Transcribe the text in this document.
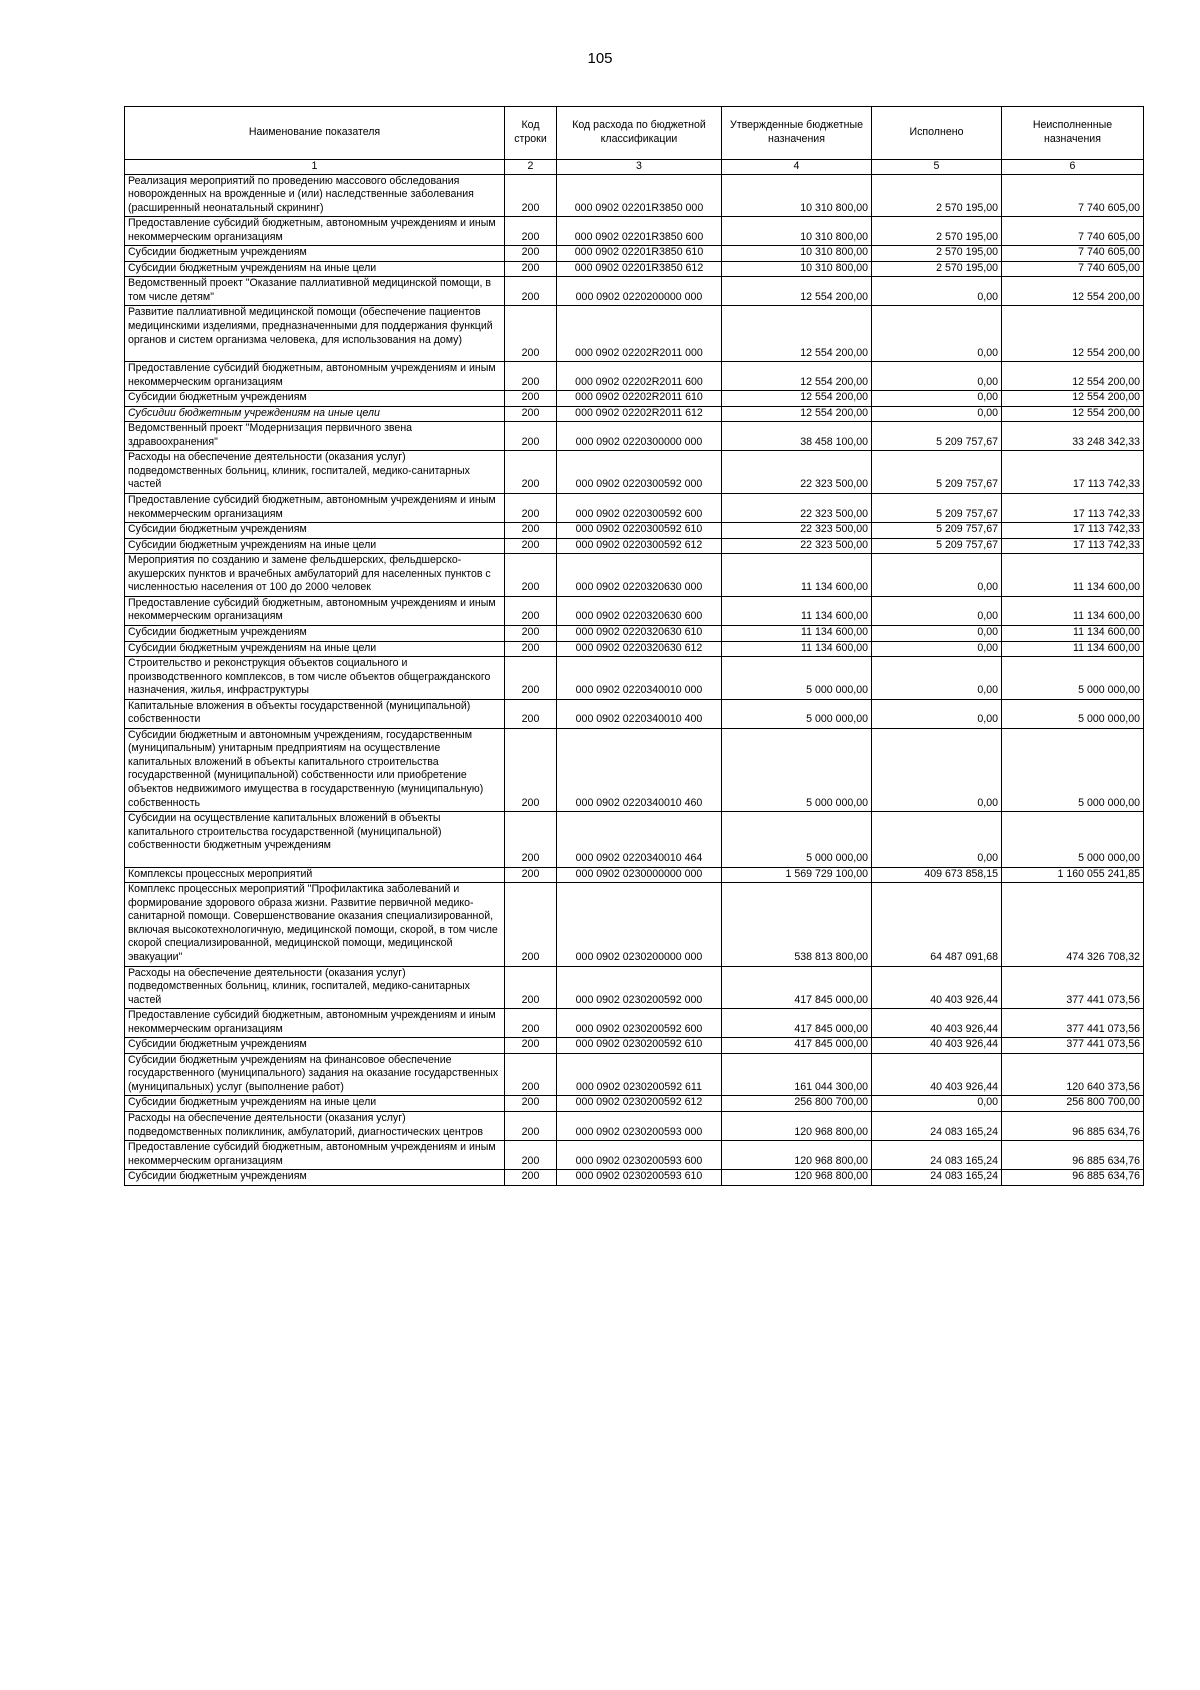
105
Наименование показателя	Код строки	Код расхода по бюджетной классификации	Утвержденные бюджетные назначения	Исполнено	Неисполненные назначения
1	2	3	4	5	6
Реализация мероприятий по проведению массового обследования новорожденных на врожденные и (или) наследственные заболевания (расширенный неонатальный скрининг)	200	000 0902 02201R3850 000	10 310 800,00	2 570 195,00	7 740 605,00
Предоставление субсидий бюджетным, автономным учреждениям и иным некоммерческим организациям	200	000 0902 02201R3850 600	10 310 800,00	2 570 195,00	7 740 605,00
Субсидии бюджетным учреждениям	200	000 0902 02201R3850 610	10 310 800,00	2 570 195,00	7 740 605,00
Субсидии бюджетным учреждениям на иные цели	200	000 0902 02201R3850 612	10 310 800,00	2 570 195,00	7 740 605,00
Ведомственный проект "Оказание паллиативной медицинской помощи, в том числе детям"	200	000 0902 0220200000 000	12 554 200,00	0,00	12 554 200,00
Развитие паллиативной медицинской помощи (обеспечение пациентов медицинскими изделиями, предназначенными для поддержания функций органов и систем организма человека, для использования на дому)	200	000 0902 02202R2011 000	12 554 200,00	0,00	12 554 200,00
Предоставление субсидий бюджетным, автономным учреждениям и иным некоммерческим организациям	200	000 0902 02202R2011 600	12 554 200,00	0,00	12 554 200,00
Субсидии бюджетным учреждениям	200	000 0902 02202R2011 610	12 554 200,00	0,00	12 554 200,00
Субсидии бюджетным учреждениям на иные цели	200	000 0902 02202R2011 612	12 554 200,00	0,00	12 554 200,00
Ведомственный проект "Модернизация первичного звена здравоохранения"	200	000 0902 0220300000 000	38 458 100,00	5 209 757,67	33 248 342,33
Расходы на обеспечение деятельности (оказания услуг) подведомственных больниц, клиник, госпиталей, медико-санитарных частей	200	000 0902 0220300592 000	22 323 500,00	5 209 757,67	17 113 742,33
Предоставление субсидий бюджетным, автономным учреждениям и иным некоммерческим организациям	200	000 0902 0220300592 600	22 323 500,00	5 209 757,67	17 113 742,33
Субсидии бюджетным учреждениям	200	000 0902 0220300592 610	22 323 500,00	5 209 757,67	17 113 742,33
Субсидии бюджетным учреждениям на иные цели	200	000 0902 0220300592 612	22 323 500,00	5 209 757,67	17 113 742,33
Мероприятия по созданию и замене фельдшерских, фельдшерско-акушерских пунктов и врачебных амбулаторий для населенных пунктов с численностью населения от 100 до 2000 человек	200	000 0902 0220320630 000	11 134 600,00	0,00	11 134 600,00
Предоставление субсидий бюджетным, автономным учреждениям и иным некоммерческим организациям	200	000 0902 0220320630 600	11 134 600,00	0,00	11 134 600,00
Субсидии бюджетным учреждениям	200	000 0902 0220320630 610	11 134 600,00	0,00	11 134 600,00
Субсидии бюджетным учреждениям на иные цели	200	000 0902 0220320630 612	11 134 600,00	0,00	11 134 600,00
Строительство и реконструкция объектов социального и производственного комплексов, в том числе объектов общегражданского назначения, жилья, инфраструктуры	200	000 0902 0220340010 000	5 000 000,00	0,00	5 000 000,00
Капитальные вложения в объекты государственной (муниципальной) собственности	200	000 0902 0220340010 400	5 000 000,00	0,00	5 000 000,00
Субсидии бюджетным и автономным учреждениям, государственным (муниципальным) унитарным предприятиям на осуществление капитальных вложений в объекты капитального строительства государственной (муниципальной) собственности или приобретение объектов недвижимого имущества в государственную (муниципальную) собственность	200	000 0902 0220340010 460	5 000 000,00	0,00	5 000 000,00
Субсидии на осуществление капитальных вложений в объекты капитального строительства государственной (муниципальной) собственности бюджетным учреждениям	200	000 0902 0220340010 464	5 000 000,00	0,00	5 000 000,00
Комплексы процессных мероприятий	200	000 0902 0230000000 000	1 569 729 100,00	409 673 858,15	1 160 055 241,85
Комплекс процессных мероприятий "Профилактика заболеваний и формирование здорового образа жизни. Развитие первичной медико-санитарной помощи. Совершенствование оказания специализированной, включая высокотехнологичную, медицинской помощи, скорой, в том числе скорой специализированной, медицинской помощи, медицинской эвакуации"	200	000 0902 0230200000 000	538 813 800,00	64 487 091,68	474 326 708,32
Расходы на обеспечение деятельности (оказания услуг) подведомственных больниц, клиник, госпиталей, медико-санитарных частей	200	000 0902 0230200592 000	417 845 000,00	40 403 926,44	377 441 073,56
Предоставление субсидий бюджетным, автономным учреждениям и иным некоммерческим организациям	200	000 0902 0230200592 600	417 845 000,00	40 403 926,44	377 441 073,56
Субсидии бюджетным учреждениям	200	000 0902 0230200592 610	417 845 000,00	40 403 926,44	377 441 073,56
Субсидии бюджетным учреждениям на финансовое обеспечение государственного (муниципального) задания на оказание государственных (муниципальных) услуг (выполнение работ)	200	000 0902 0230200592 611	161 044 300,00	40 403 926,44	120 640 373,56
Субсидии бюджетным учреждениям на иные цели	200	000 0902 0230200592 612	256 800 700,00	0,00	256 800 700,00
Расходы на обеспечение деятельности (оказания услуг) подведомственных поликлиник, амбулаторий, диагностических центров	200	000 0902 0230200593 000	120 968 800,00	24 083 165,24	96 885 634,76
Предоставление субсидий бюджетным, автономным учреждениям и иным некоммерческим организациям	200	000 0902 0230200593 600	120 968 800,00	24 083 165,24	96 885 634,76
Субсидии бюджетным учреждениям	200	000 0902 0230200593 610	120 968 800,00	24 083 165,24	96 885 634,76
